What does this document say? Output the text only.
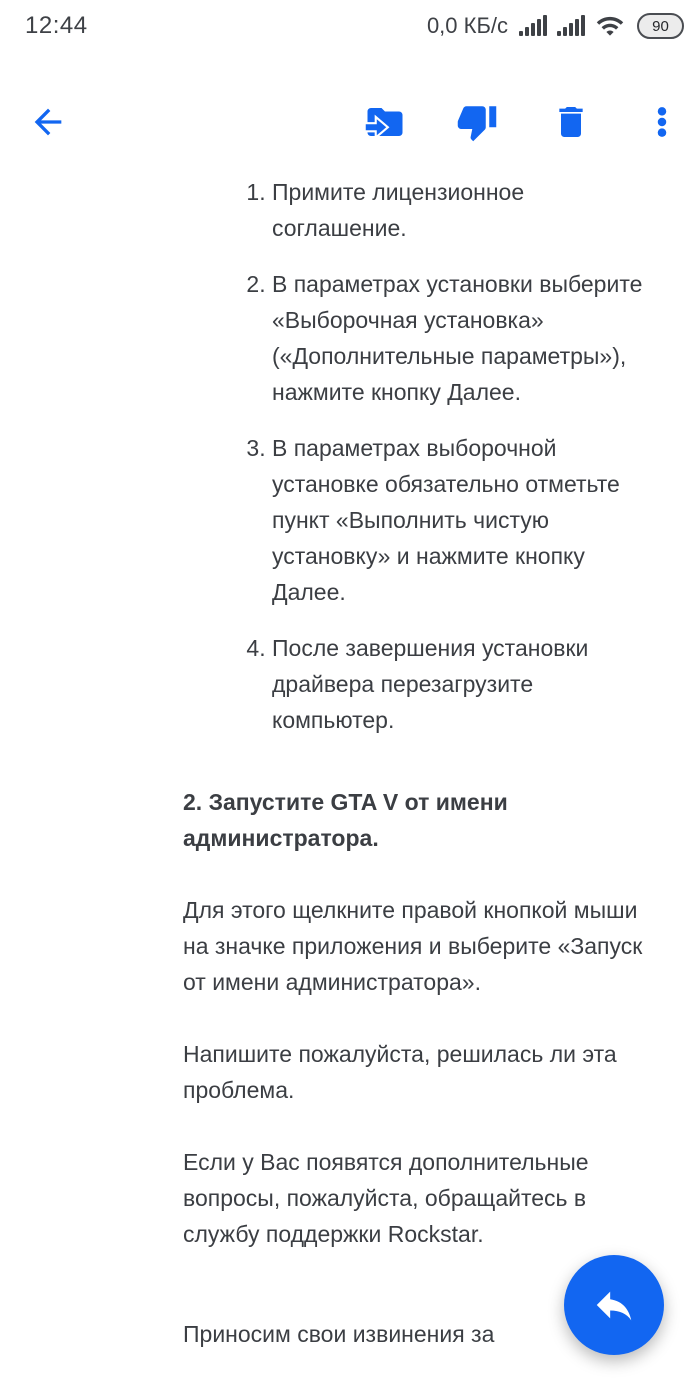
12:44	0,0 КБ/с	90
1. Примите лицензионное соглашение.
2. В параметрах установки выберите «Выборочная установка» («Дополнительные параметры»), нажмите кнопку Далее.
3. В параметрах выборочной установке обязательно отметьте пункт «Выполнить чистую установку» и нажмите кнопку Далее.
4. После завершения установки драйвера перезагрузите компьютер.
2. Запустите GTA V от имени администратора.

Для этого щелкните правой кнопкой мыши на значке приложения и выберите «Запуск от имени администратора».

Напишите пожалуйста, решилась ли эта проблема.

Если у Вас появятся дополнительные вопросы, пожалуйста, обращайтесь в службу поддержки Rockstar.

Приносим свои извинения за
